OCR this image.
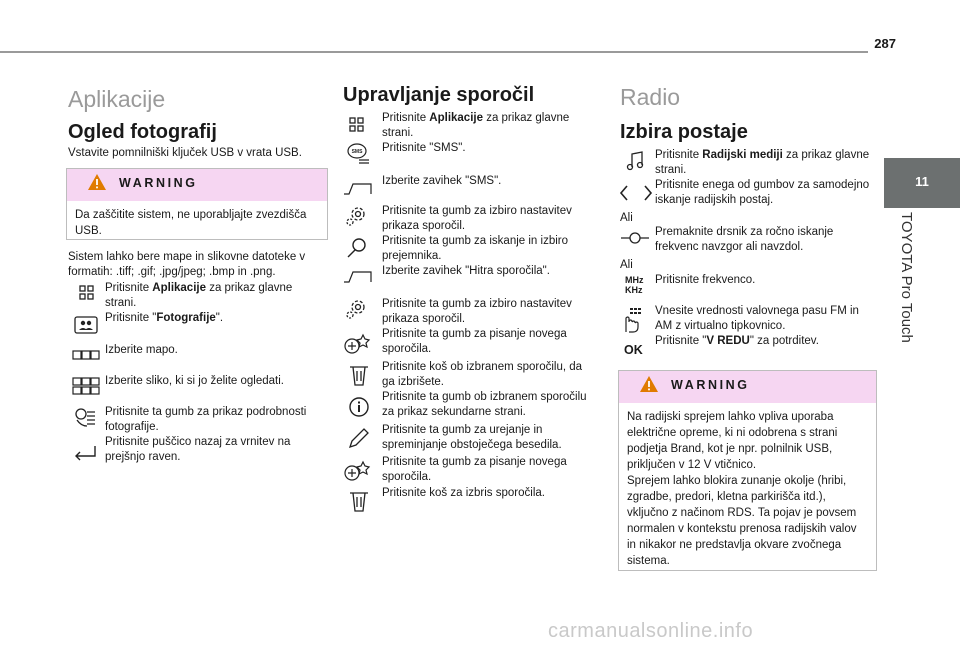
287
11
TOYOTA Pro Touch
Aplikacije
Ogled fotografij
Vstavite pomnilniški ključek USB v vrata USB.
WARNING
Da zaščitite sistem, ne uporabljajte zvezdišča USB.
Sistem lahko bere mape in slikovne datoteke v formatih: .tiff; .gif; .jpg/jpeg; .bmp in .png.
Pritisnite Aplikacije za prikaz glavne strani.
Pritisnite "Fotografije".
Izberite mapo.
Izberite sliko, ki si jo želite ogledati.
Pritisnite ta gumb za prikaz podrobnosti fotografije.
Pritisnite puščico nazaj za vrnitev na prejšnjo raven.
Upravljanje sporočil
SMS
Pritisnite Aplikacije za prikaz glavne strani.
Pritisnite "SMS".
Izberite zavihek "SMS".
Pritisnite ta gumb za izbiro nastavitev prikaza sporočil.
Pritisnite ta gumb za iskanje in izbiro prejemnika.
Izberite zavihek "Hitra sporočila".
Pritisnite ta gumb za izbiro nastavitev prikaza sporočil.
Pritisnite ta gumb za pisanje novega sporočila.
Pritisnite koš ob izbranem sporočilu, da ga izbrišete.
Pritisnite ta gumb ob izbranem sporočilu za prikaz sekundarne strani.
Pritisnite ta gumb za urejanje in spreminjanje obstoječega besedila.
Pritisnite ta gumb za pisanje novega sporočila.
Pritisnite koš za izbris sporočila.
Radio
Izbira postaje
Ali
Ali
MHz
KHz
OK
Pritisnite Radijski mediji za prikaz glavne strani.
Pritisnite enega od gumbov za samodejno iskanje radijskih postaj.
Premaknite drsnik za ročno iskanje frekvenc navzgor ali navzdol.
Pritisnite frekvenco.
Vnesite vrednosti valovnega pasu FM in AM z virtualno tipkovnico.
Pritisnite "V REDU" za potrditev.
WARNING
Na radijski sprejem lahko vpliva uporaba električne opreme, ki ni odobrena s strani podjetja Brand, kot je npr. polnilnik USB, priključen v 12 V vtičnico.
Sprejem lahko blokira zunanje okolje (hribi, zgradbe, predori, kletna parkirišča itd.), vključno z načinom RDS. Ta pojav je povsem normalen v kontekstu prenosa radijskih valov in nikakor ne predstavlja okvare zvočnega sistema.
carmanualsonline.info
